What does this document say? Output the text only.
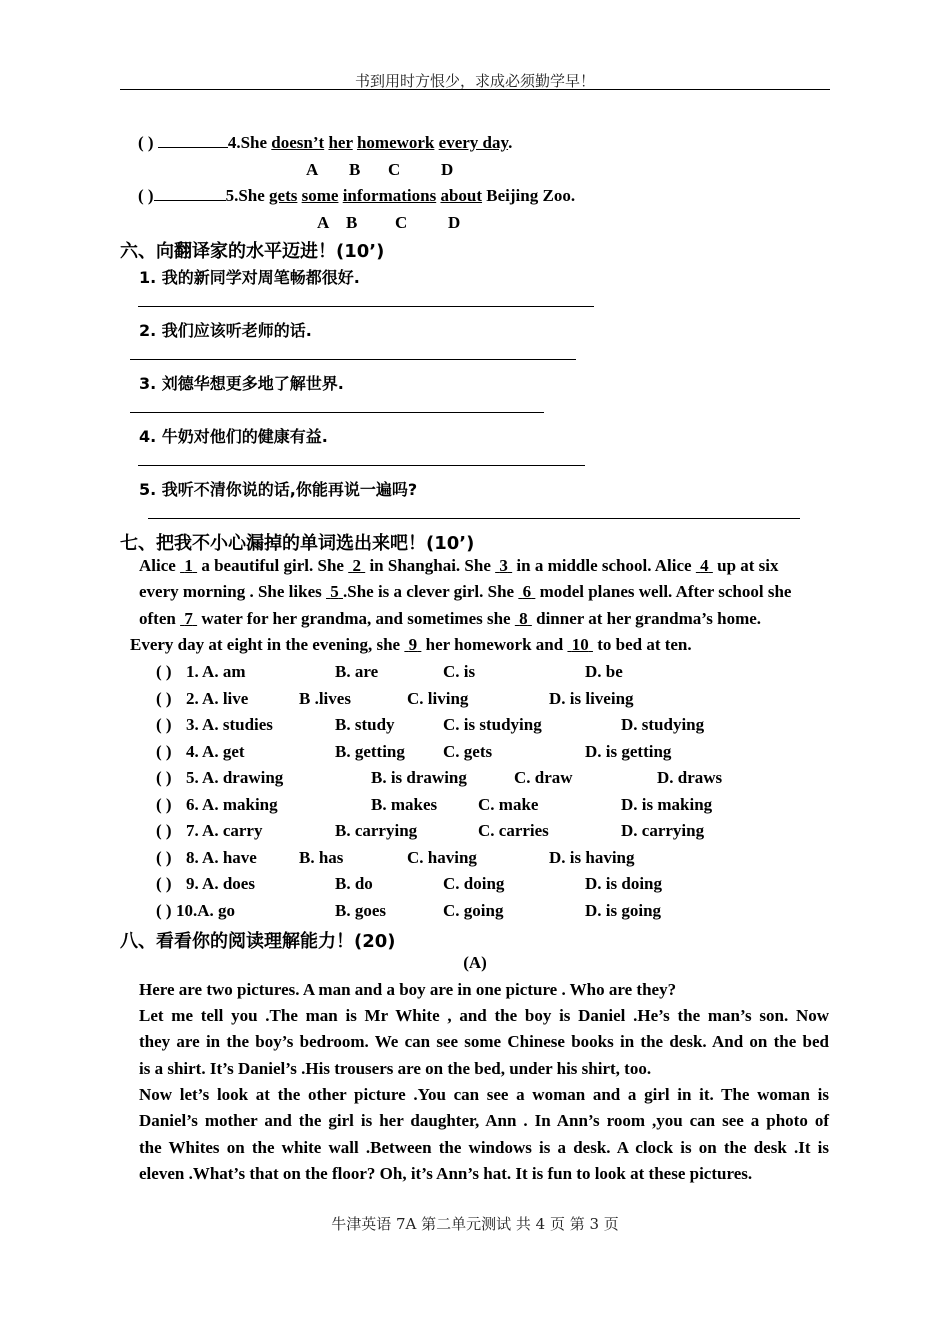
书到用时方恨少，求成必须勤学早！
( )	4.She doesn’t her homework every day.
A B C D
( )	5.She gets some informations about Beijing Zoo.
A B C D
六、向翻译家的水平迈进！(10’)
1. 我的新同学对周笔畅都很好.
2. 我们应该听老师的话.
3. 刘德华想更多地了解世界.
4. 牛奶对他们的健康有益.
5. 我听不清你说的话,你能再说一遍吗?
七、把我不小心漏掉的单词选出来吧！(10’)
Alice 1 a beautiful girl. She 2 in Shanghai. She 3 in a middle school. Alice 4 up at six
every morning . She likes 5 .She is a clever girl. She 6 model planes well. After school she
often 7 water for her grandma, and sometimes she 8 dinner at her grandma’s home.
Every day at eight in the evening, she 9 her homework and 10 to bed at ten.
( ) 1. A. am	B. are	C. is	D. be
( ) 2. A. live	B .lives	C. living	D. is liveing
( ) 3. A. studies	B. study	C. is studying	D. studying
( ) 4. A. get	B. getting C. gets	D. is getting
( ) 5. A. drawing	B. is drawing	C. draw	D. draws
( ) 6. A. making	B. makes C. make	D. is making
( ) 7. A. carry	B. carrying	C. carries	D. carrying
( ) 8. A. have B. has	C. having	D. is having
( ) 9. A. does	B. do	C. doing	D. is doing
( ) 10.A. go	B. goes	C. going	D. is going
八、看看你的阅读理解能力！(20)
(A)
Here are two pictures. A man and a boy are in one picture . Who are they?
Let me tell you .The man is Mr White , and the boy is Daniel .He’s the man’s son. Now
they are in the boy’s bedroom. We can see some Chinese books in the desk. And on the bed
is a shirt. It’s Daniel’s .His trousers are on the bed, under his shirt, too.
Now let’s look at the other picture .You can see a woman and a girl in it. The woman is
Daniel’s mother and the girl is her daughter, Ann . In Ann’s room ,you can see a photo of
the Whites on the white wall .Between the windows is a desk. A clock is on the desk .It is
eleven .What’s that on the floor? Oh, it’s Ann’s hat. It is fun to look at these pictures.
牛津英语 7A 第二单元测试 共 4 页 第 3 页
